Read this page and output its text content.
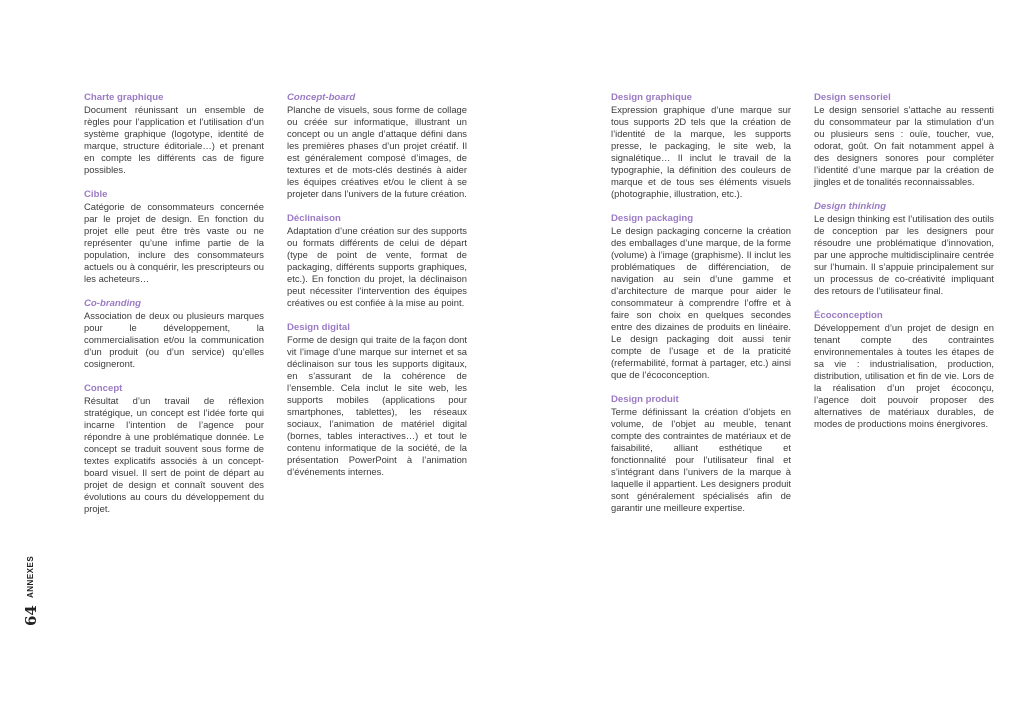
Charte graphique

Document réunissant un ensemble de règles pour l’application et l’utilisation d’un système graphique (logotype, identité de marque, structure éditoriale…) et prenant en compte les différents cas de figure possibles.

Cible

Catégorie de consommateurs concernée par le projet de design. En fonction du projet elle peut être très vaste ou ne représenter qu’une infime partie de la population, inclure des consommateurs actuels ou à conquérir, les prescripteurs ou les acheteurs…

Co-branding

Association de deux ou plusieurs marques pour le développement, la commercialisation et/ou la communication d’un produit (ou d’un service) qu’elles cosigneront.

Concept

Résultat d’un travail de réflexion stratégique, un concept est l’idée forte qui incarne l’intention de l’agence pour répondre à une problématique donnée. Le concept se traduit souvent sous forme de textes explicatifs associés à un concept-board visuel. Il sert de point de départ au projet de design et connaît souvent des évolutions au cours du développement du projet.

Concept-board

Planche de visuels, sous forme de collage ou créée sur informatique, illustrant un concept ou un angle d’attaque défini dans les premières phases d’un projet créatif. Il est généralement composé d’images, de textures et de mots-clés destinés à aider les équipes créatives et/ou le client à se projeter dans l’univers de la future création.

Déclinaison

Adaptation d’une création sur des supports ou formats différents de celui de départ (type de point de vente, format de packaging, différents supports graphiques, etc.). En fonction du projet, la déclinaison peut nécessiter l’intervention des équipes créatives ou est confiée à la mise au point.

Design digital

Forme de design qui traite de la façon dont vit l’image d’une marque sur internet et sa déclinaison sur tous les supports digitaux, en s’assurant de la cohérence de l’ensemble. Cela inclut le site web, les supports mobiles (applications pour smartphones, tablettes), les réseaux sociaux, l’animation de matériel digital (bornes, tables interactives…) et tout le contenu informatique de la société, de la présentation PowerPoint à l’animation d’événements internes.

Design graphique

Expression graphique d’une marque sur tous supports 2D tels que la création de l’identité de la marque, les supports presse, le packaging, le site web, la signalétique… Il inclut le travail de la typographie, la définition des couleurs de marque et de tous ses éléments visuels (photographie, illustration, etc.).

Design packaging

Le design packaging concerne la création des emballages d’une marque, de la forme (volume) à l’image (graphisme). Il inclut les problématiques de différenciation, de navigation au sein d’une gamme et d’architecture de marque pour aider le consommateur à comprendre l’offre et à faire son choix en quelques secondes entre des dizaines de produits en linéaire. Le design packaging doit aussi tenir compte de l’usage et de la praticité (refermabilité, format à partager, etc.) ainsi que de l’écoconception.

Design produit

Terme définissant la création d’objets en volume, de l’objet au meuble, tenant compte des contraintes de matériaux et de faisabilité, alliant esthétique et fonctionnalité pour l’utilisateur final et s’intégrant dans l’univers de la marque à laquelle il appartient. Les designers produit sont généralement spécialisés afin de garantir une meilleure expertise.

Design sensoriel

Le design sensoriel s’attache au ressenti du consommateur par la stimulation d’un ou plusieurs sens : ouïe, toucher, vue, odorat, goût. On fait notamment appel à des designers sonores pour compléter l’identité d’une marque par la création de jingles et de tonalités reconnaissables.

Design thinking

Le design thinking est l’utilisation des outils de conception par les designers pour résoudre une problématique d’innovation, par une approche multidisciplinaire centrée sur l’humain. Il s’appuie principalement sur un processus de co-créativité impliquant des retours de l’utilisateur final.

Écoconception

Développement d’un projet de design en tenant compte des contraintes environnementales à toutes les étapes de sa vie : industrialisation, production, distribution, utilisation et fin de vie. Lors de la réalisation d’un projet écoconçu, l’agence doit pouvoir proposer des alternatives de matériaux durables, de modes de productions moins énergivores.

ANNEXES
64
